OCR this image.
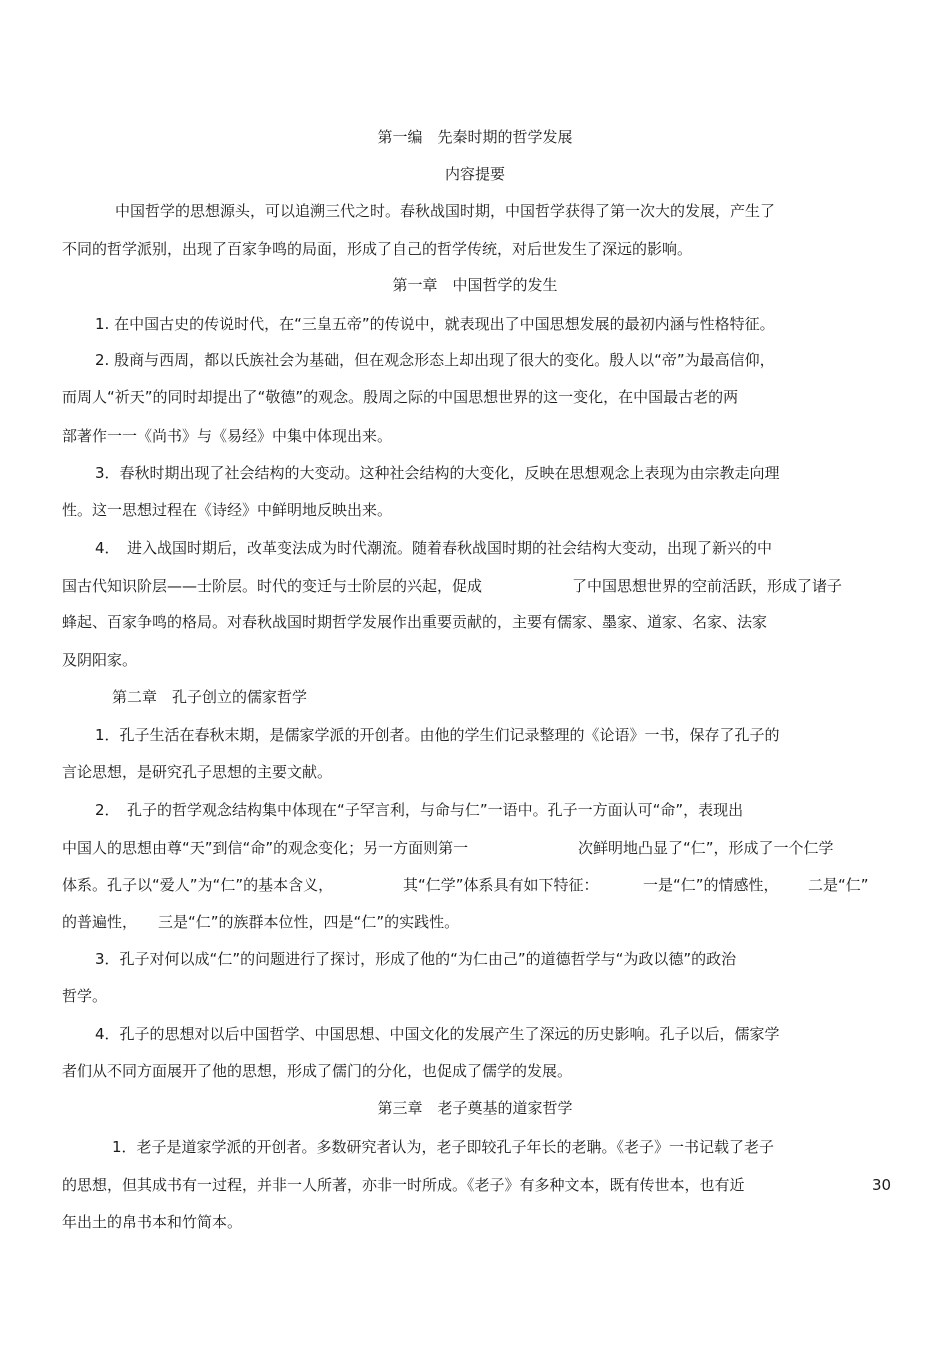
第一编　先秦时期的哲学发展
内容提要
中国哲学的思想源头，可以追溯三代之时。春秋战国时期，中国哲学获得了第一次大的发展，产生了
不同的哲学派别，出现了百家争鸣的局面，形成了自己的哲学传统，对后世发生了深远的影响。
第一章　中国哲学的发生
1. 在中国古史的传说时代，在“三皇五帝”的传说中，就表现出了中国思想发展的最初内涵与性格特征。
2. 殷商与西周，都以氏族社会为基础，但在观念形态上却出现了很大的变化。殷人以“帝”为最高信仰，
而周人“祈天”的同时却提出了“敬德”的观念。殷周之际的中国思想世界的这一变化，在中国最古老的两
部著作一一《尚书》与《易经》中集中体现出来。
3．春秋时期出现了社会结构的大变动。这种社会结构的大变化，反映在思想观念上表现为由宗教走向理
性。这一思想过程在《诗经》中鲜明地反映出来。
4．　进入战国时期后，改革变法成为时代潮流。随着春秋战国时期的社会结构大变动，出现了新兴的中
国古代知识阶层——士阶层。时代的变迁与士阶层的兴起，促成	了中国思想世界的空前活跃，形成了诸子
蜂起、百家争鸣的格局。对春秋战国时期哲学发展作出重要贡献的，主要有儒家、墨家、道家、名家、法家
及阴阳家。
第二章　孔子创立的儒家哲学
1．孔子生活在春秋末期，是儒家学派的开创者。由他的学生们记录整理的《论语》一书，保存了孔子的
言论思想，是研究孔子思想的主要文献。
2．　孔子的哲学观念结构集中体现在“子罕言利，与命与仁”一语中。孔子一方面认可“命”，表现出
中国人的思想由尊“天”到信“命”的观念变化；另一方面则第一	次鲜明地凸显了“仁”，形成了一个仁学
体系。孔子以“爱人”为“仁”的基本含义，	其“仁学”体系具有如下特征：	一是“仁”的情感性， 二是“仁”
的普遍性， 三是“仁”的族群本位性，四是“仁”的实践性。
3．孔子对何以成“仁”的问题进行了探讨，形成了他的“为仁由己”的道德哲学与“为政以德”的政治
哲学。
4．孔子的思想对以后中国哲学、中国思想、中国文化的发展产生了深远的历史影响。孔子以后，儒家学
者们从不同方面展开了他的思想，形成了儒门的分化，也促成了儒学的发展。
第三章　老子奠基的道家哲学
1．老子是道家学派的开创者。多数研究者认为，老子即较孔子年长的老聃。《老子》一书记载了老子
的思想，但其成书有一过程，并非一人所著，亦非一时所成。《老子》有多种文本，既有传世本，也有近	30
年出土的帛书本和竹简本。
